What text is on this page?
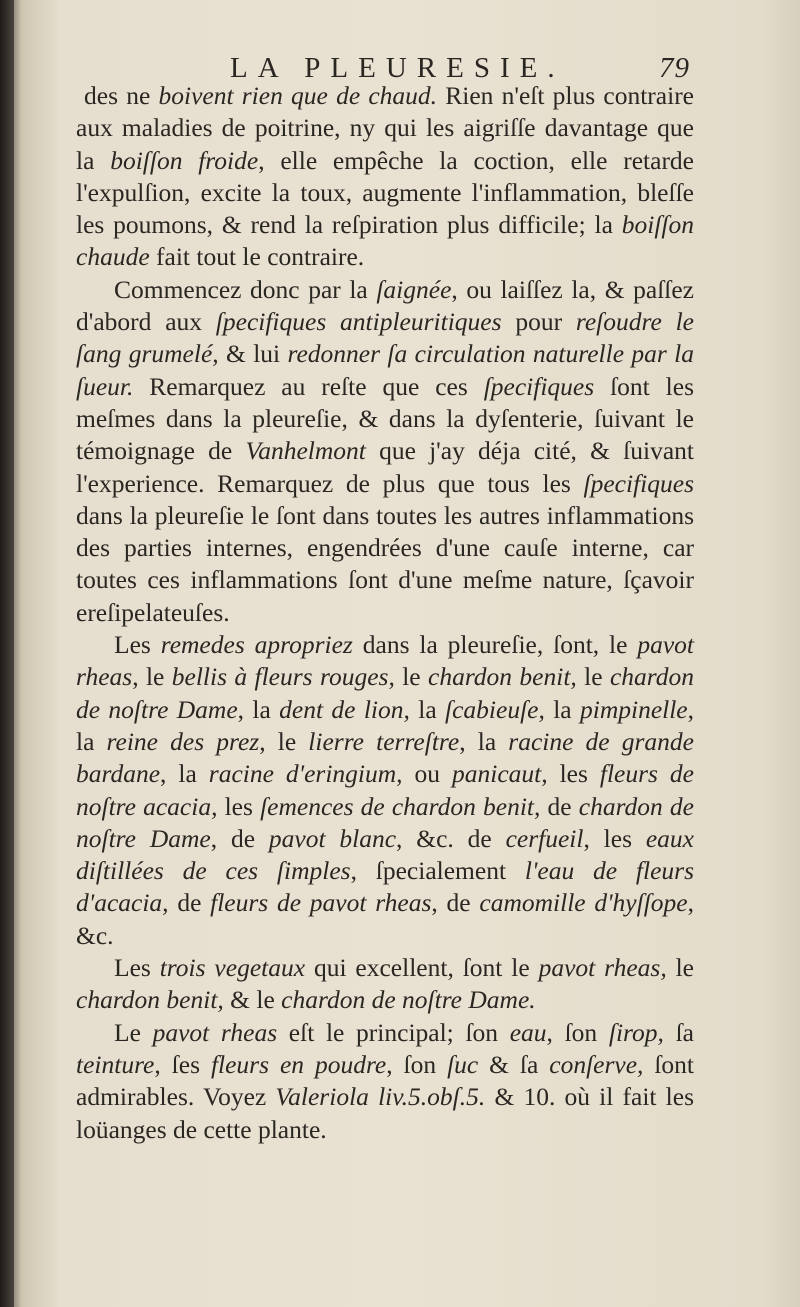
LA PLEURESIE.	79

des ne boivent rien que de chaud. Rien n'eſt plus contraire aux maladies de poitrine, ny qui les aigriſſe davantage que la boiſſon froide, elle empêche la coction, elle retarde l'expulſion, excite la toux, augmente l'inflammation, bleſſe les poumons, & rend la reſpiration plus difficile; la boiſſon chaude fait tout le contraire.

Commencez donc par la ſaignée, ou laiſſez la, & paſſez d'abord aux ſpecifiques antipleuritiques pour reſoudre le ſang grumelé, & lui redonner ſa circulation naturelle par la ſueur. Remarquez au reſte que ces ſpecifiques ſont les meſmes dans la pleureſie, & dans la dyſenterie, ſuivant le témoignage de Vanhelmont que j'ay déja cité, & ſuivant l'experience. Remarquez de plus que tous les ſpecifiques dans la pleureſie le ſont dans toutes les autres inflammations des parties internes, engendrées d'une cauſe interne, car toutes ces inflammations ſont d'une meſme nature, ſçavoir ereſipelateuſes.

Les remedes apropriez dans la pleureſie, ſont, le pavot rheas, le bellis à fleurs rouges, le chardon benit, le chardon de noſtre Dame, la dent de lion, la ſcabieuſe, la pimpinelle, la reine des prez, le lierre terreſtre, la racine de grande bardane, la racine d'eringium, ou panicaut, les fleurs de noſtre acacia, les ſemences de chardon benit, de chardon de noſtre Dame, de pavot blanc, &c. de cerfueil, les eaux diſtillées de ces ſimples, ſpecialement l'eau de fleurs d'acacia, de fleurs de pavot rheas, de camomille d'hyſſope, &c.

Les trois vegetaux qui excellent, ſont le pavot rheas, le chardon benit, & le chardon de noſtre Dame.

Le pavot rheas eſt le principal; ſon eau, ſon ſirop, ſa teinture, ſes fleurs en poudre, ſon ſuc & ſa conſerve, ſont admirables. Voyez Valeriola liv.5.obſ.5. & 10. où il fait les loüanges de cette plante.
